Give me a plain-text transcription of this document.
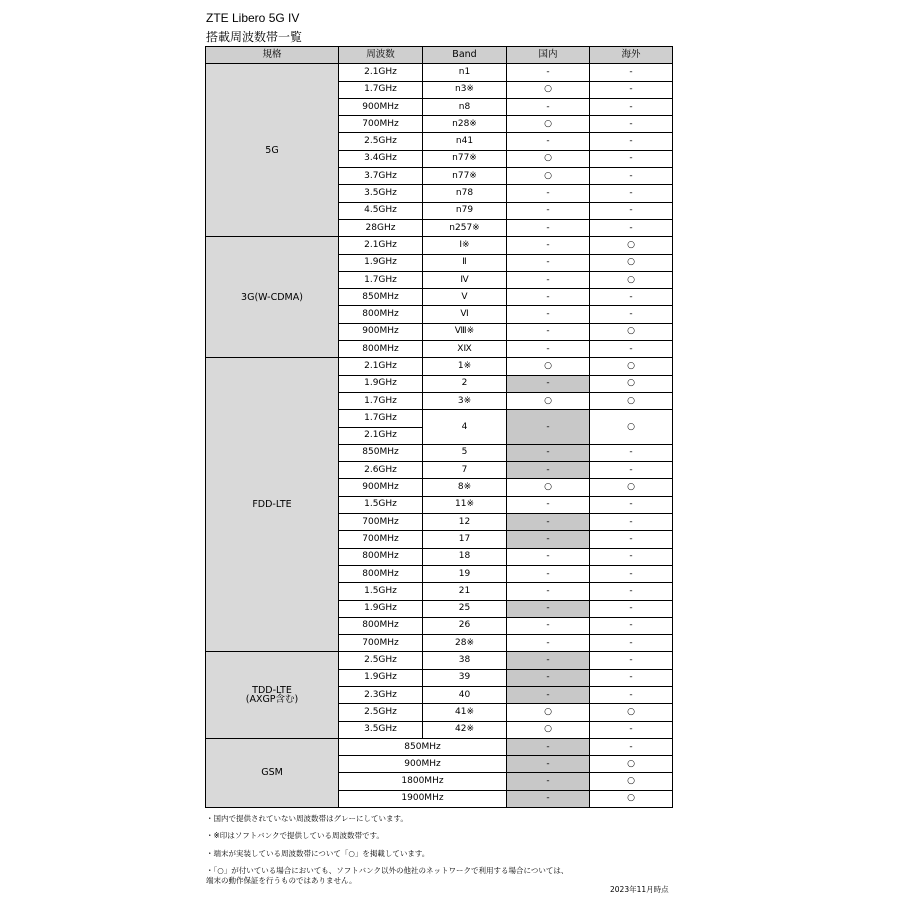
ZTE Libero 5G IV
搭載周波数帯一覧
規格	周波数	Band	国内	海外
5G	2.1GHz	n1	-	-
	1.7GHz	n3※	○	-
	900MHz	n8	-	-
	700MHz	n28※	○	-
	2.5GHz	n41	-	-
	3.4GHz	n77※	○	-
	3.7GHz	n77※	○	-
	3.5GHz	n78	-	-
	4.5GHz	n79	-	-
	28GHz	n257※	-	-
3G(W-CDMA)	2.1GHz	Ⅰ※	-	○
	1.9GHz	Ⅱ	-	○
	1.7GHz	Ⅳ	-	○
	850MHz	Ⅴ	-	-
	800MHz	Ⅵ	-	-
	900MHz	Ⅷ※	-	○
	800MHz	ⅩⅨ	-	-
FDD-LTE	2.1GHz	1※	○	○
	1.9GHz	2	-	○
	1.7GHz	3※	○	○
	1.7GHz	4	-	○
	2.1GHz			
	850MHz	5	-	-
	2.6GHz	7	-	-
	900MHz	8※	○	○
	1.5GHz	11※	-	-
	700MHz	12	-	-
	700MHz	17	-	-
	800MHz	18	-	-
	800MHz	19	-	-
	1.5GHz	21	-	-
	1.9GHz	25	-	-
	800MHz	26	-	-
	700MHz	28※	-	-
TDD-LTE
(AXGP含む)	2.5GHz	38	-	-
	1.9GHz	39	-	-
	2.3GHz	40	-	-
	2.5GHz	41※	○	○
	3.5GHz	42※	○	-
GSM	850MHz		-	-
	900MHz		-	○
	1800MHz		-	○
	1900MHz		-	○
・国内で提供されていない周波数帯はグレーにしています。
・※印はソフトバンクで提供している周波数帯です。
・端末が実装している周波数帯について「○」を掲載しています。
・「○」が付いている場合においても、ソフトバンク以外の他社のネットワークで利用する場合については、
端末の動作保証を行うものではありません。
2023年11月時点
